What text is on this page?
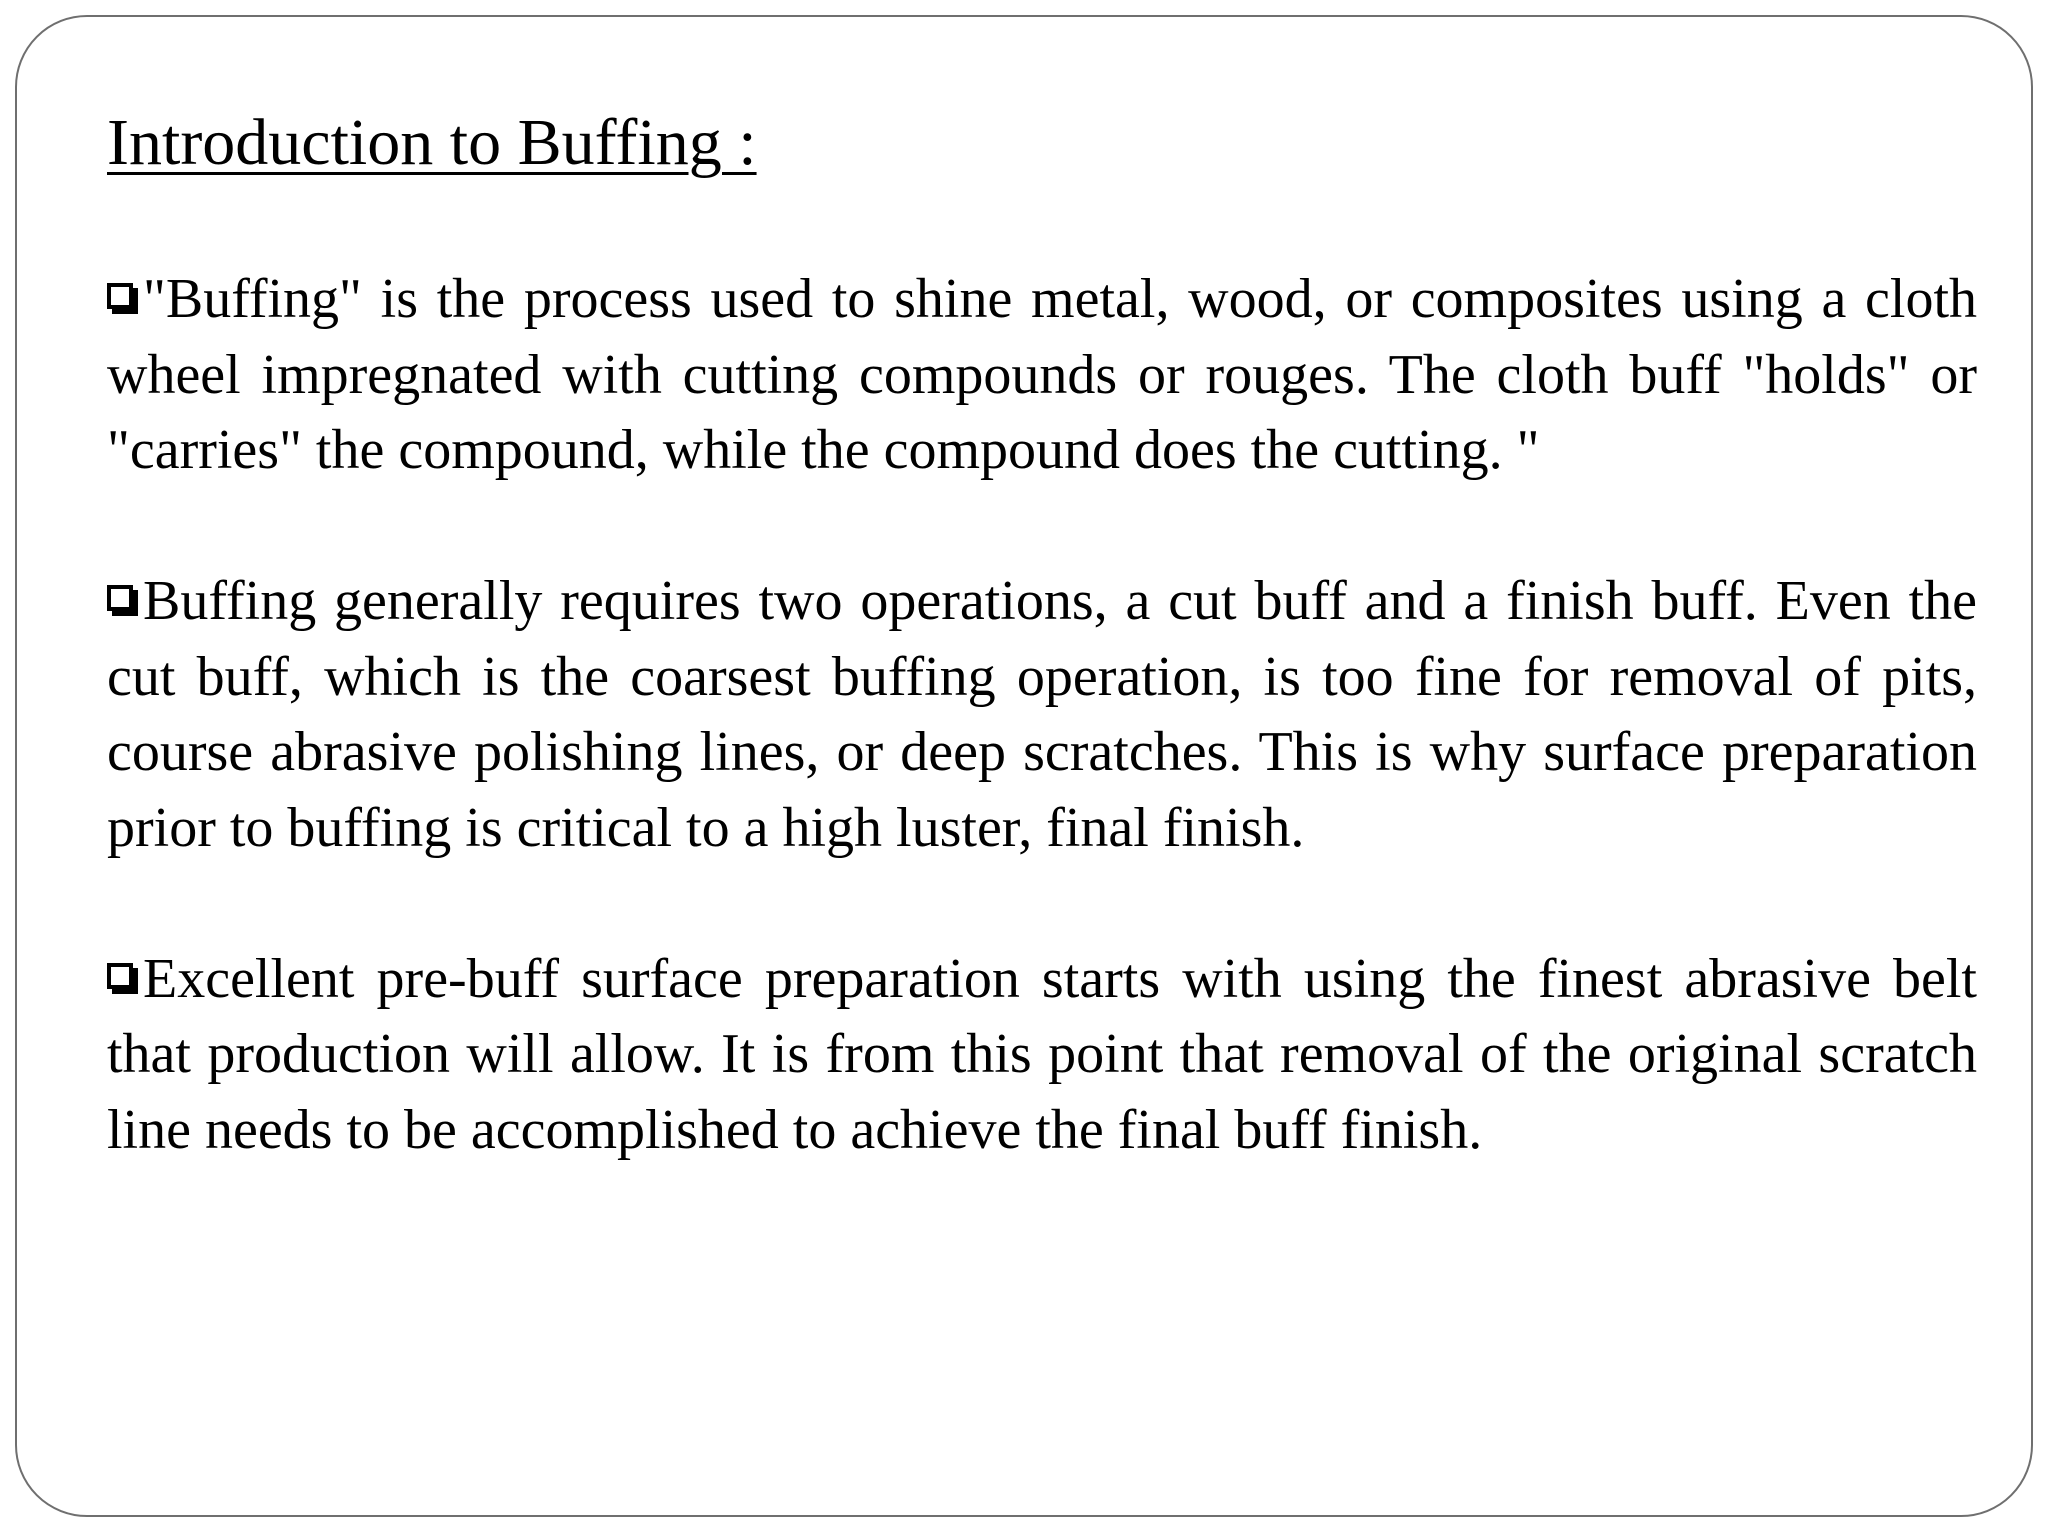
Introduction to Buffing :

"Buffing" is the process used to shine metal, wood, or composites using a cloth wheel impregnated with cutting compounds or rouges. The cloth buff "holds" or "carries" the compound, while the compound does the cutting. "

Buffing generally requires two operations, a cut buff and a finish buff. Even the cut buff, which is the coarsest buffing operation, is too fine for removal of pits, course abrasive polishing lines, or deep scratches. This is why surface preparation prior to buffing is critical to a high luster, final finish.

Excellent pre-buff surface preparation starts with using the finest abrasive belt that production will allow. It is from this point that removal of the original scratch line needs to be accomplished to achieve the final buff finish.
